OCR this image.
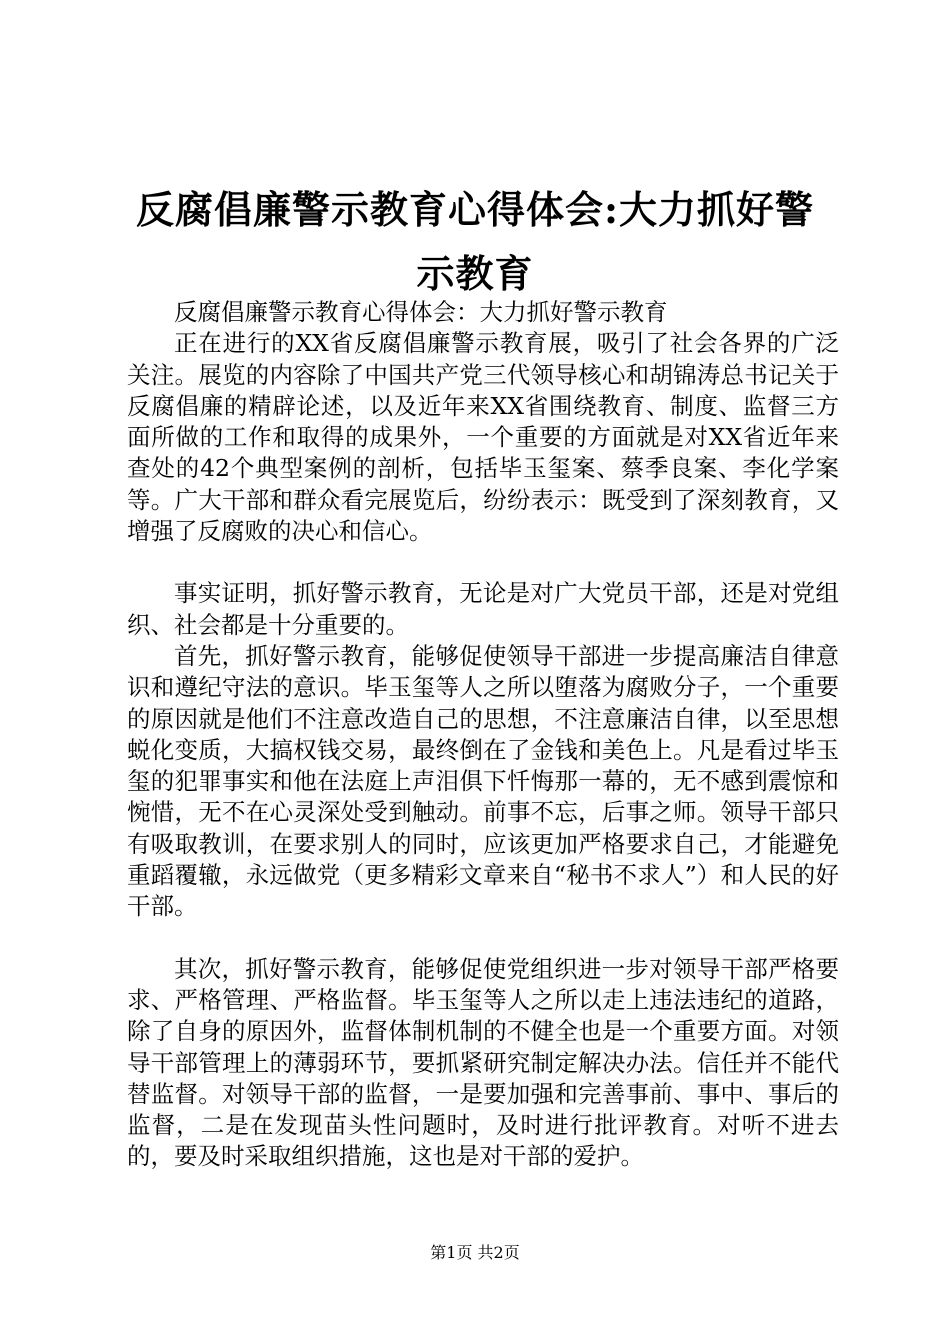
反腐倡廉警示教育心得体会:大力抓好警示教育

反腐倡廉警示教育心得体会：大力抓好警示教育

正在进行的XX省反腐倡廉警示教育展，吸引了社会各界的广泛关注。展览的内容除了中国共产党三代领导核心和胡锦涛总书记关于反腐倡廉的精辟论述，以及近年来XX省围绕教育、制度、监督三方面所做的工作和取得的成果外，一个重要的方面就是对XX省近年来查处的42个典型案例的剖析，包括毕玉玺案、蔡季良案、李化学案等。广大干部和群众看完展览后，纷纷表示：既受到了深刻教育，又增强了反腐败的决心和信心。

事实证明，抓好警示教育，无论是对广大党员干部，还是对党组织、社会都是十分重要的。

首先，抓好警示教育，能够促使领导干部进一步提高廉洁自律意识和遵纪守法的意识。毕玉玺等人之所以堕落为腐败分子，一个重要的原因就是他们不注意改造自己的思想，不注意廉洁自律，以至思想蜕化变质，大搞权钱交易，最终倒在了金钱和美色上。凡是看过毕玉玺的犯罪事实和他在法庭上声泪俱下忏悔那一幕的，无不感到震惊和惋惜，无不在心灵深处受到触动。前事不忘，后事之师。领导干部只有吸取教训，在要求别人的同时，应该更加严格要求自己，才能避免重蹈覆辙，永远做党（更多精彩文章来自“秘书不求人”）和人民的好干部。

其次，抓好警示教育，能够促使党组织进一步对领导干部严格要求、严格管理、严格监督。毕玉玺等人之所以走上违法违纪的道路，除了自身的原因外，监督体制机制的不健全也是一个重要方面。对领导干部管理上的薄弱环节，要抓紧研究制定解决办法。信任并不能代替监督。对领导干部的监督，一是要加强和完善事前、事中、事后的监督，二是在发现苗头性问题时，及时进行批评教育。对听不进去的，要及时采取组织措施，这也是对干部的爱护。

第1页 共2页
